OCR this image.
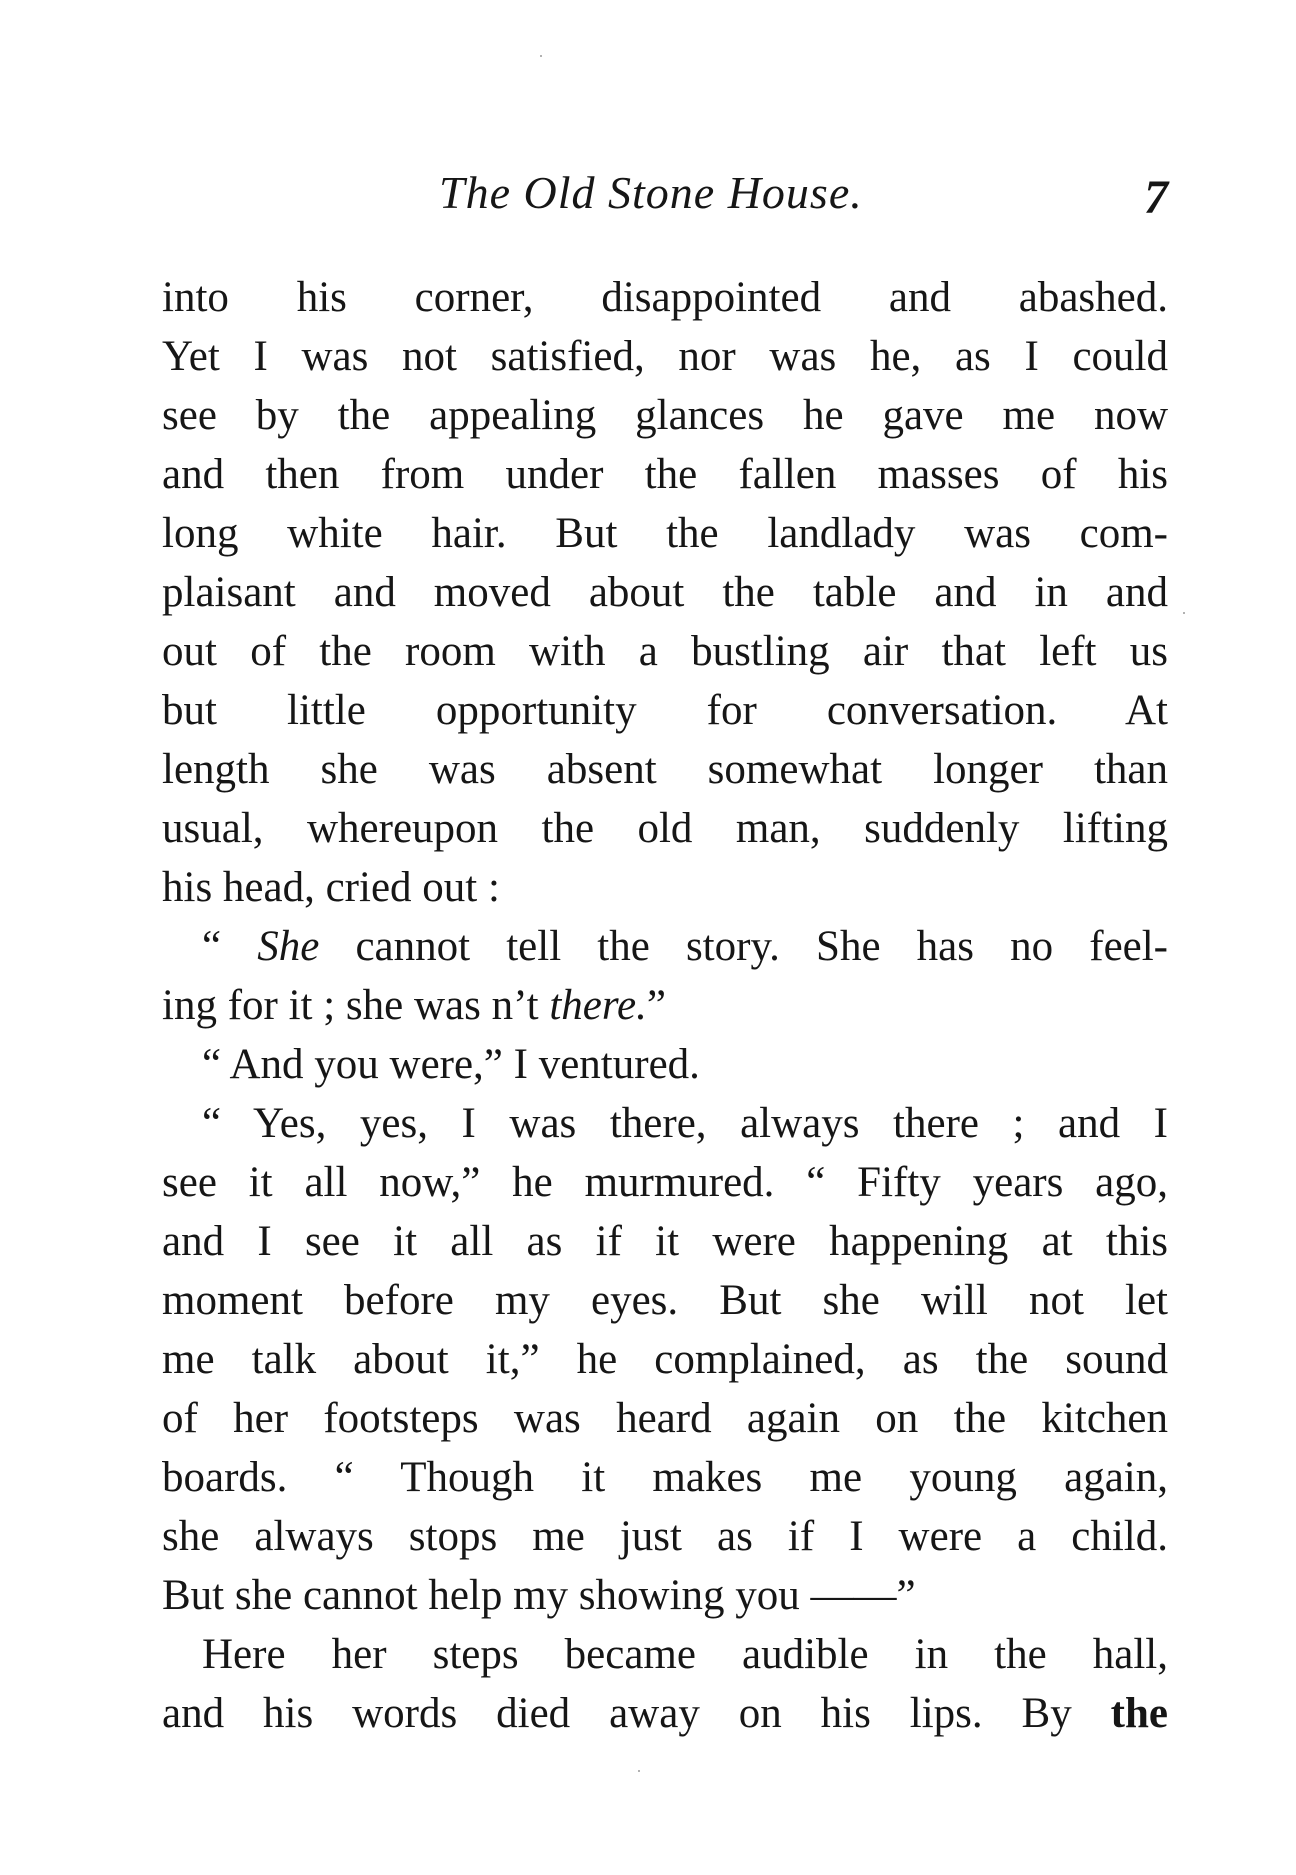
The Old Stone House.	7
into his corner, disappointed and abashed.
Yet I was not satisfied, nor was he, as I could
see by the appealing glances he gave me now
and then from under the fallen masses of his
long white hair. But the landlady was com-
plaisant and moved about the table and in and
out of the room with a bustling air that left us
but little opportunity for conversation. At
length she was absent somewhat longer than
usual, whereupon the old man, suddenly lifting
his head, cried out :
“ She cannot tell the story. She has no feel-
ing for it ; she was n’t there.”
“ And you were,” I ventured.
“ Yes, yes, I was there, always there ; and I
see it all now,” he murmured. “ Fifty years ago,
and I see it all as if it were happening at this
moment before my eyes. But she will not let
me talk about it,” he complained, as the sound
of her footsteps was heard again on the kitchen
boards. “ Though it makes me young again,
she always stops me just as if I were a child.
But she cannot help my showing you ——”
Here her steps became audible in the hall,
and his words died away on his lips. By the
